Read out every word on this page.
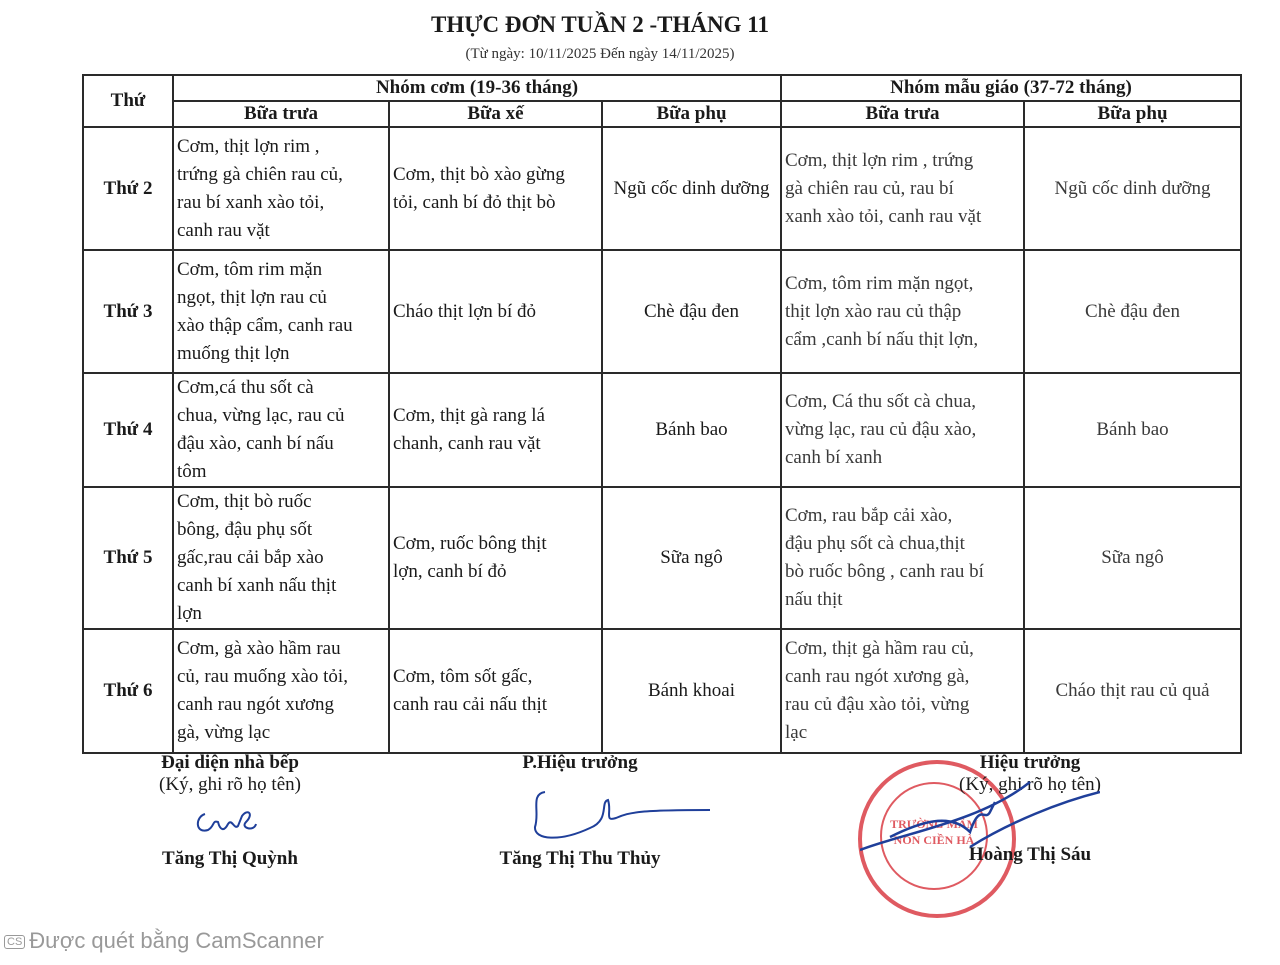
THỰC ĐƠN TUẦN 2 -THÁNG 11
(Từ ngày: 10/11/2025 Đến ngày 14/11/2025)
Thứ	Nhóm cơm (19-36 tháng)			Nhóm mẫu giáo (37-72 tháng)	
	Bữa trưa	Bữa xế	Bữa phụ	Bữa trưa	Bữa phụ
Thứ 2	Cơm, thịt lợn rim ,
trứng gà chiên rau củ,
rau bí xanh xào tỏi,
canh rau vặt	Cơm, thịt bò xào gừng
tỏi, canh bí đỏ thịt bò	Ngũ cốc dinh dưỡng	Cơm, thịt lợn rim , trứng
gà chiên rau củ, rau bí
xanh xào tỏi, canh rau vặt	Ngũ cốc dinh dưỡng
Thứ 3	Cơm, tôm rim mặn
ngọt, thịt lợn rau củ
xào thập cẩm, canh rau
muống thịt lợn	Cháo thịt lợn bí đỏ	Chè đậu đen	Cơm, tôm rim mặn ngọt,
thịt lợn xào rau củ thập
cẩm ,canh bí nấu thịt lợn,	Chè đậu đen
Thứ 4	Cơm,cá thu sốt cà
chua, vừng lạc, rau củ
đậu xào, canh bí nấu
tôm	Cơm, thịt gà rang lá
chanh, canh rau vặt	Bánh bao	Cơm, Cá thu sốt cà chua,
vừng lạc, rau củ đậu xào,
canh bí xanh	Bánh bao
Thứ 5	Cơm, thịt bò ruốc
bông, đậu phụ sốt
gấc,rau cải bắp xào
canh bí xanh nấu thịt
lợn	Cơm, ruốc bông thịt
lợn, canh bí đỏ	Sữa ngô	Cơm, rau bắp cải xào,
đậu phụ sốt cà chua,thịt
bò ruốc bông , canh rau bí
nấu thịt	Sữa ngô
Thứ 6	Cơm, gà xào hầm rau
củ, rau muống xào tỏi,
canh rau ngót xương
gà, vừng lạc	Cơm, tôm sốt gấc,
canh rau cải nấu thịt	Bánh khoai	Cơm, thịt gà hầm rau củ,
canh rau ngót xương gà,
rau củ đậu xào tỏi, vừng
lạc	Cháo thịt rau củ quả
Đại diện nhà bếp
(Ký, ghi rõ họ tên)
Tăng Thị Quỳnh
P.Hiệu trưởng
Tăng Thị Thu Thủy
TRƯỜNG MẦM NON CIỀN HÀ
Hiệu trưởng
(Ký, ghi rõ họ tên)
Hoàng Thị Sáu
CS Được quét bằng CamScanner
